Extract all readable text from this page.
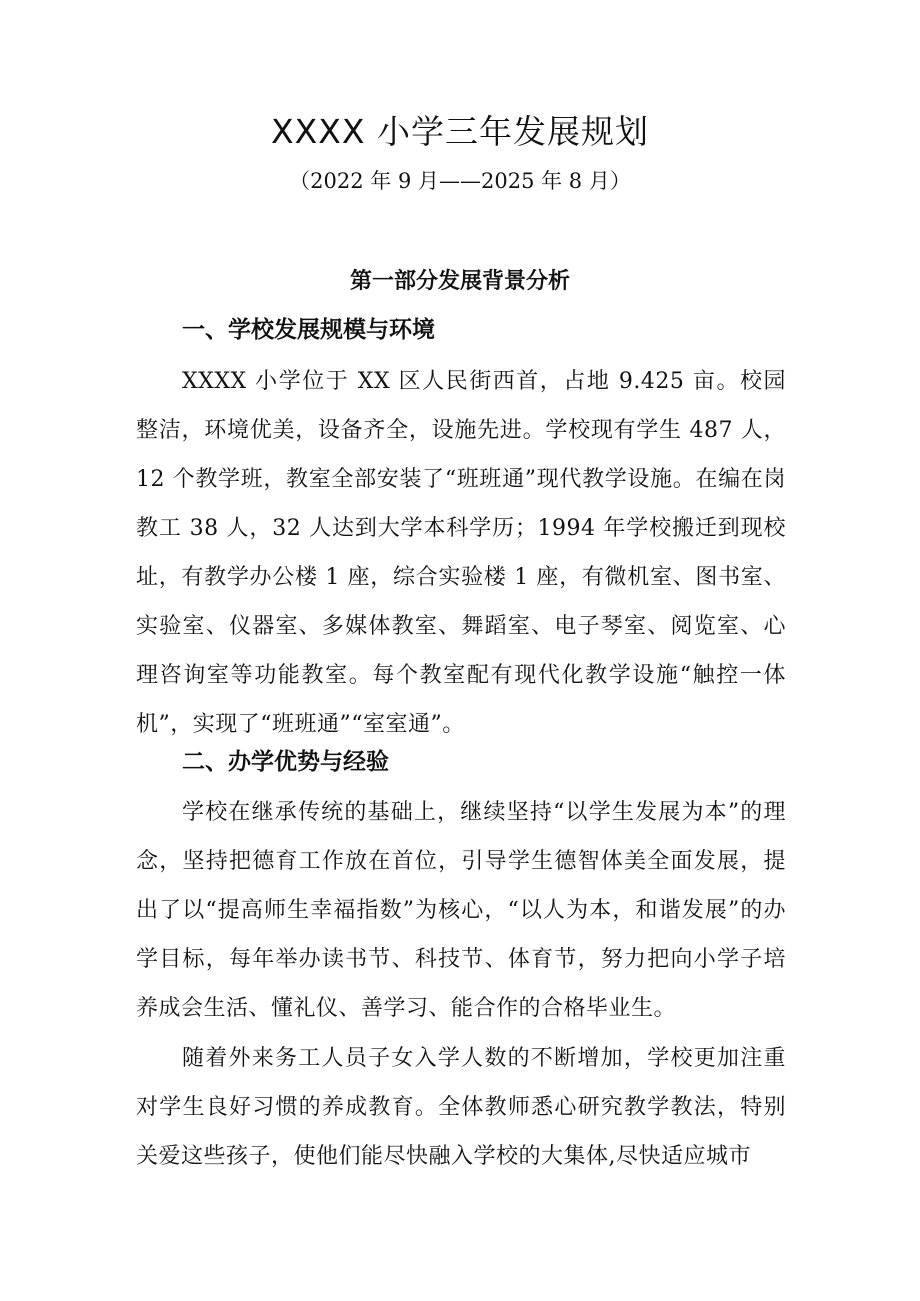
XXXX 小学三年发展规划

（2022 年 9 月——2025 年 8 月）

第一部分发展背景分析
一、学校发展规模与环境

XXXX 小学位于 XX 区人民街西首，占地 9.425 亩。校园整洁，环境优美，设备齐全，设施先进。学校现有学生 487 人，12 个教学班，教室全部安装了“班班通”现代教学设施。在编在岗教工 38 人，32 人达到大学本科学历；1994 年学校搬迁到现校址，有教学办公楼 1 座，综合实验楼 1 座，有微机室、图书室、实验室、仪器室、多媒体教室、舞蹈室、电子琴室、阅览室、心理咨询室等功能教室。每个教室配有现代化教学设施“触控一体机”，实现了“班班通”“室室通”。

二、办学优势与经验

学校在继承传统的基础上，继续坚持“以学生发展为本”的理念，坚持把德育工作放在首位，引导学生德智体美全面发展，提出了以“提高师生幸福指数”为核心，“以人为本，和谐发展”的办学目标，每年举办读书节、科技节、体育节，努力把向小学子培养成会生活、懂礼仪、善学习、能合作的合格毕业生。

随着外来务工人员子女入学人数的不断增加，学校更加注重对学生良好习惯的养成教育。全体教师悉心研究教学教法，特别关爱这些孩子，使他们能尽快融入学校的大集体,尽快适应城市
